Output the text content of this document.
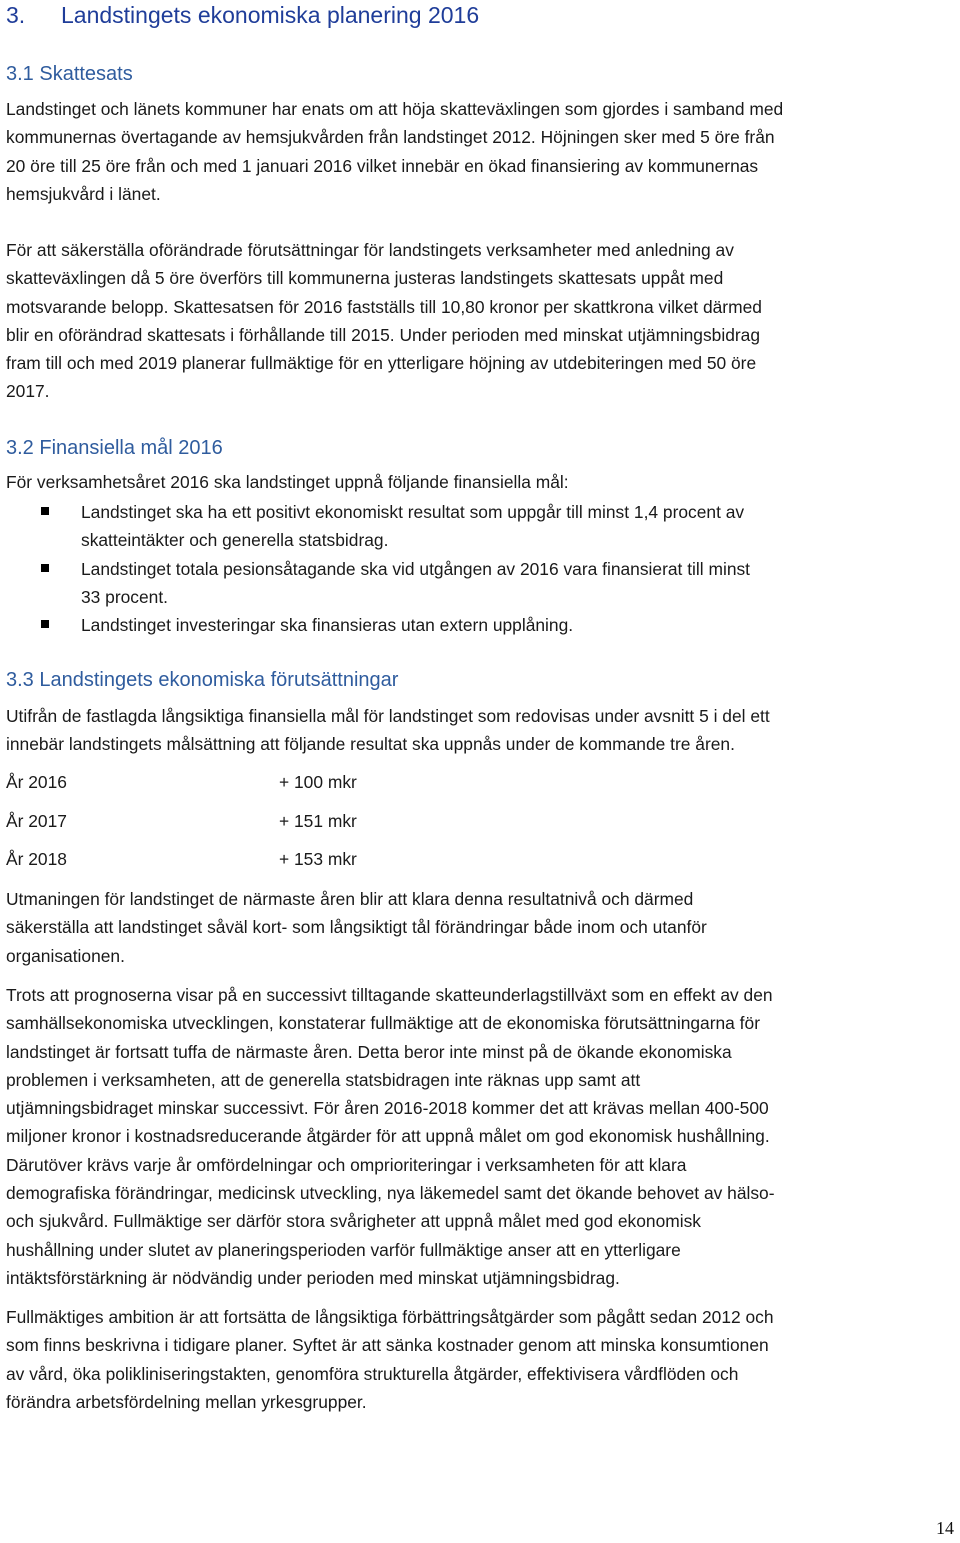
3. Landstingets ekonomiska planering 2016
3.1 Skattesats
Landstinget och länets kommuner har enats om att höja skatteväxlingen som gjordes i samband med
kommunernas övertagande av hemsjukvården från landstinget 2012. Höjningen sker med 5 öre från
20 öre till 25 öre från och med 1 januari 2016 vilket innebär en ökad finansiering av kommunernas
hemsjukvård i länet.
För att säkerställa oförändrade förutsättningar för landstingets verksamheter med anledning av
skatteväxlingen då 5 öre överförs till kommunerna justeras landstingets skattesats uppåt med
motsvarande belopp. Skattesatsen för 2016 fastställs till 10,80 kronor per skattkrona vilket därmed
blir en oförändrad skattesats i förhållande till 2015. Under perioden med minskat utjämningsbidrag
fram till och med 2019 planerar fullmäktige för en ytterligare höjning av utdebiteringen med 50 öre
2017.
3.2 Finansiella mål 2016
För verksamhetsåret 2016 ska landstinget uppnå följande finansiella mål:
Landstinget ska ha ett positivt ekonomiskt resultat som uppgår till minst 1,4 procent av
skatteintäkter och generella statsbidrag.
Landstinget totala pesionsåtagande ska vid utgången av 2016 vara finansierat till minst
33 procent.
Landstinget investeringar ska finansieras utan extern upplåning.
3.3 Landstingets ekonomiska förutsättningar
Utifrån de fastlagda långsiktiga finansiella mål för landstinget som redovisas under avsnitt 5 i del ett
innebär landstingets målsättning att följande resultat ska uppnås under de kommande tre åren.
År 2016	+ 100 mkr
År 2017	+ 151 mkr
År 2018	+ 153 mkr
Utmaningen för landstinget de närmaste åren blir att klara denna resultatnivå och därmed
säkerställa att landstinget såväl kort- som långsiktigt tål förändringar både inom och utanför
organisationen.
Trots att prognoserna visar på en successivt tilltagande skatteunderlagstillväxt som en effekt av den
samhällsekonomiska utvecklingen, konstaterar fullmäktige att de ekonomiska förutsättningarna för
landstinget är fortsatt tuffa de närmaste åren. Detta beror inte minst på de ökande ekonomiska
problemen i verksamheten, att de generella statsbidragen inte räknas upp samt att
utjämningsbidraget minskar successivt. För åren 2016-2018 kommer det att krävas mellan 400-500
miljoner kronor i kostnadsreducerande åtgärder för att uppnå målet om god ekonomisk hushållning.
Därutöver krävs varje år omfördelningar och omprioriteringar i verksamheten för att klara
demografiska förändringar, medicinsk utveckling, nya läkemedel samt det ökande behovet av hälso-
och sjukvård. Fullmäktige ser därför stora svårigheter att uppnå målet med god ekonomisk
hushållning under slutet av planeringsperioden varför fullmäktige anser att en ytterligare
intäktsförstärkning är nödvändig under perioden med minskat utjämningsbidrag.
Fullmäktiges ambition är att fortsätta de långsiktiga förbättringsåtgärder som pågått sedan 2012 och
som finns beskrivna i tidigare planer. Syftet är att sänka kostnader genom att minska konsumtionen
av vård, öka polikliniseringstakten, genomföra strukturella åtgärder, effektivisera vårdflöden och
förändra arbetsfördelning mellan yrkesgrupper.
14
